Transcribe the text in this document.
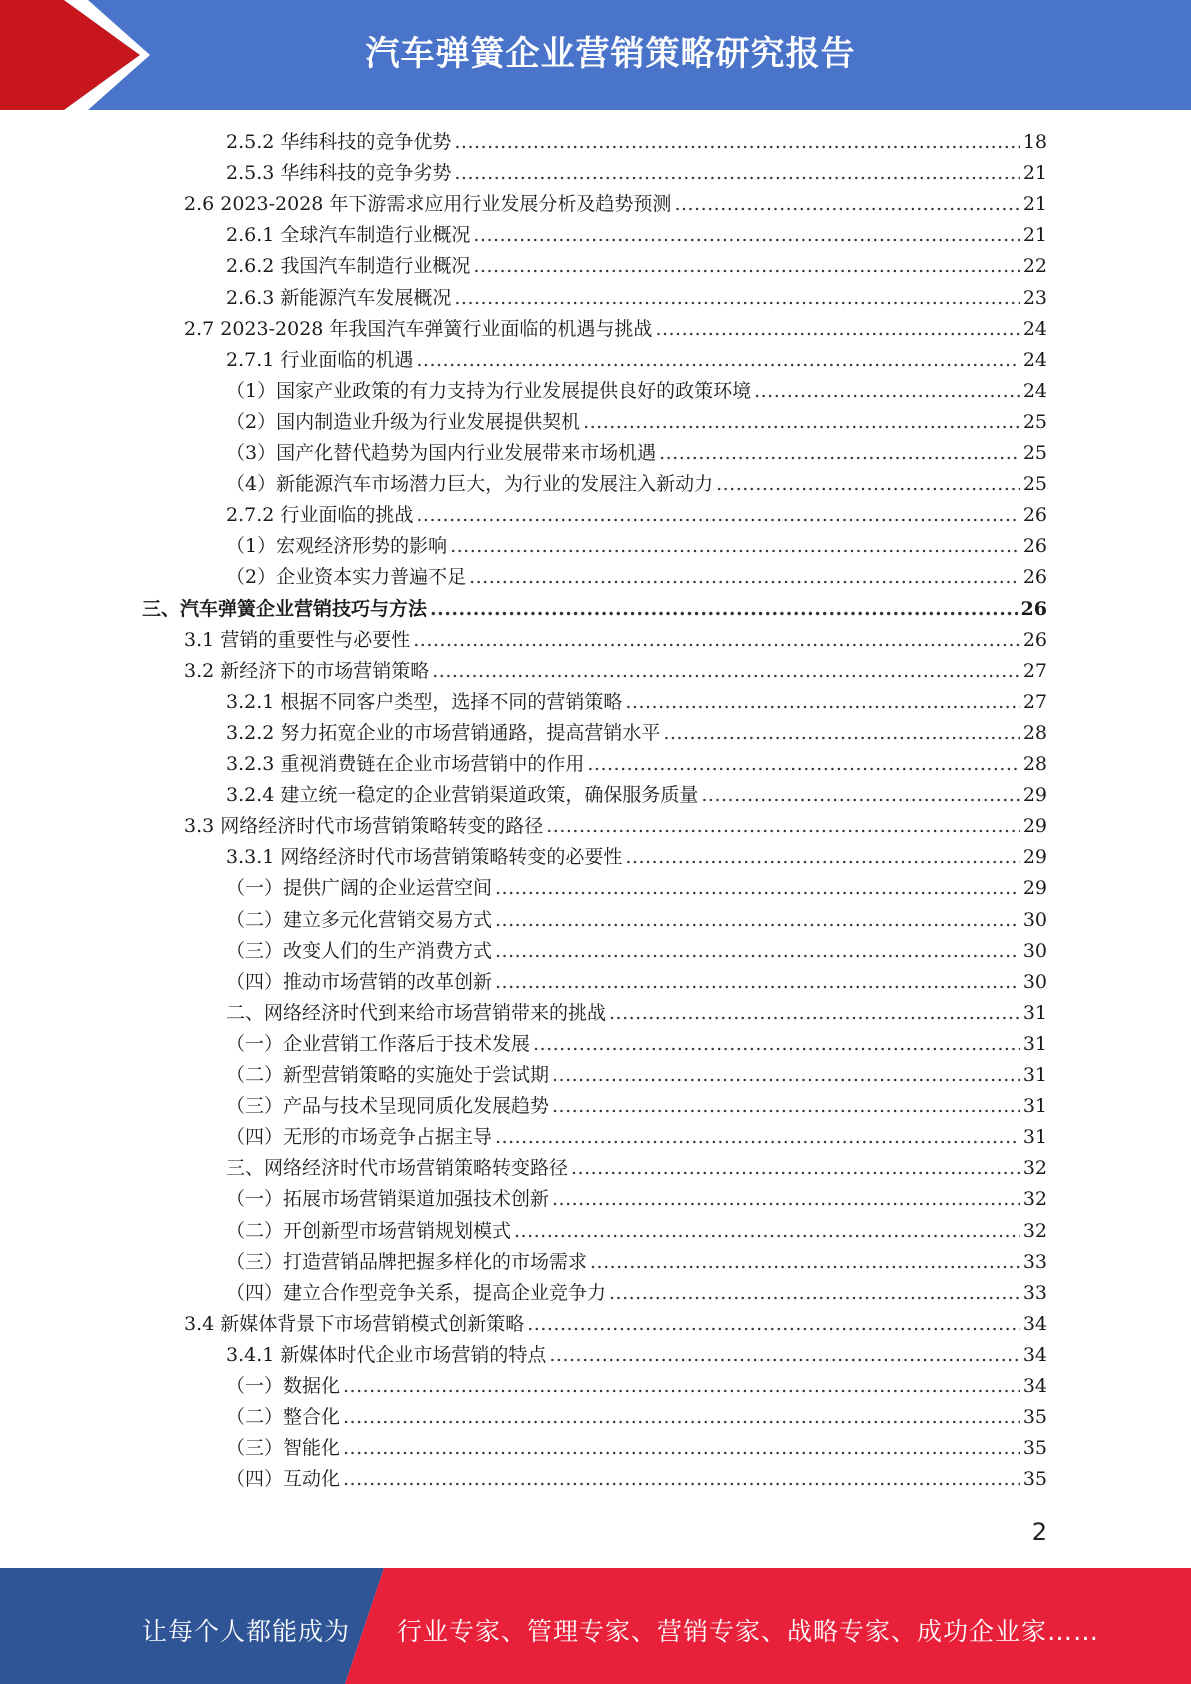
汽车弹簧企业营销策略研究报告
2.5.2 华纬科技的竞争优势 .....	18
2.5.3 华纬科技的竞争劣势 .....	21
2.6 2023-2028 年下游需求应用行业发展分析及趋势预测 .....	21
2.6.1 全球汽车制造行业概况 .....	21
2.6.2 我国汽车制造行业概况 .....	22
2.6.3 新能源汽车发展概况 .....	23
2.7 2023-2028 年我国汽车弹簧行业面临的机遇与挑战 .....	24
2.7.1 行业面临的机遇 .....	24
（1）国家产业政策的有力支持为行业发展提供良好的政策环境 .....	24
（2）国内制造业升级为行业发展提供契机 .....	25
（3）国产化替代趋势为国内行业发展带来市场机遇 .....	25
（4）新能源汽车市场潜力巨大，为行业的发展注入新动力 .....	25
2.7.2 行业面临的挑战 .....	26
（1）宏观经济形势的影响 .....	26
（2）企业资本实力普遍不足 .....	26
三、汽车弹簧企业营销技巧与方法 .....	26
3.1 营销的重要性与必要性 .....	26
3.2 新经济下的市场营销策略 .....	27
3.2.1 根据不同客户类型，选择不同的营销策略 .....	27
3.2.2 努力拓宽企业的市场营销通路，提高营销水平 .....	28
3.2.3 重视消费链在企业市场营销中的作用 .....	28
3.2.4 建立统一稳定的企业营销渠道政策，确保服务质量 .....	29
3.3 网络经济时代市场营销策略转变的路径 .....	29
3.3.1 网络经济时代市场营销策略转变的必要性 .....	29
（一）提供广阔的企业运营空间 .....	29
（二）建立多元化营销交易方式 .....	30
（三）改变人们的生产消费方式 .....	30
（四）推动市场营销的改革创新 .....	30
二、网络经济时代到来给市场营销带来的挑战 .....	31
（一）企业营销工作落后于技术发展 .....	31
（二）新型营销策略的实施处于尝试期 .....	31
（三）产品与技术呈现同质化发展趋势 .....	31
（四）无形的市场竞争占据主导 .....	31
三、网络经济时代市场营销策略转变路径 .....	32
（一）拓展市场营销渠道加强技术创新 .....	32
（二）开创新型市场营销规划模式 .....	32
（三）打造营销品牌把握多样化的市场需求 .....	33
（四）建立合作型竞争关系，提高企业竞争力 .....	33
3.4 新媒体背景下市场营销模式创新策略 .....	34
3.4.1 新媒体时代企业市场营销的特点 .....	34
（一）数据化 .....	34
（二）整合化 .....	35
（三）智能化 .....	35
（四）互动化 .....	35
2
让每个人都能成为 行业专家、管理专家、营销专家、战略专家、成功企业家……
